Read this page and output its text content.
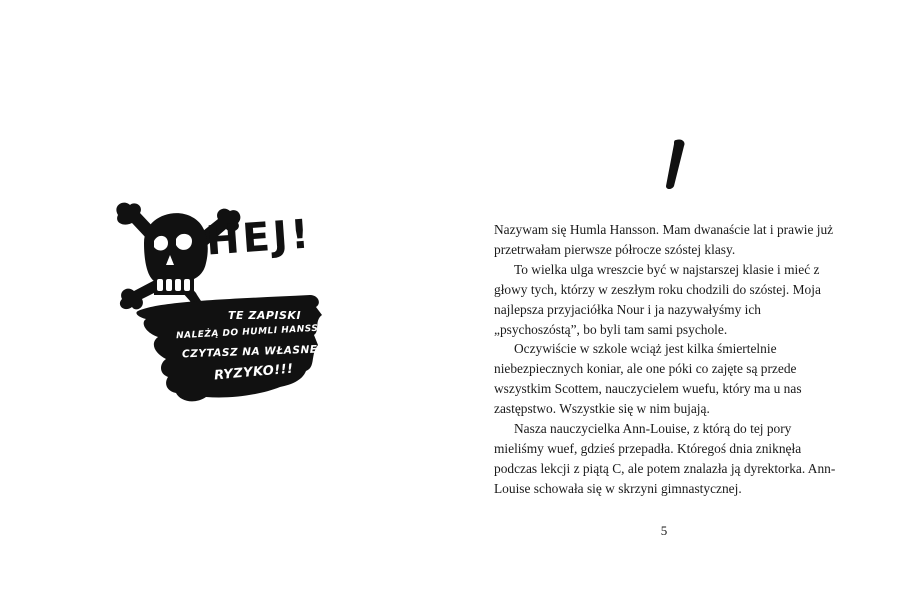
HEJ!
TE ZAPISKI
NALEŻĄ DO HUMLI HANSSON.
CZYTASZ NA WŁASNE
RYZYKO!!!

Nazywam się Humla Hansson. Mam dwanaście lat i prawie już przetrwałam pierwsze półrocze szóstej klasy.

To wielka ulga wreszcie być w najstarszej klasie i mieć z głowy tych, którzy w zeszłym roku chodzili do szóstej. Moja najlepsza przyjaciółka Nour i ja nazywałyśmy ich „psychoszóstą”, bo byli tam sami psychole.

Oczywiście w szkole wciąż jest kilka śmiertelnie niebezpiecznych koniar, ale one póki co zajęte są przede wszystkim Scottem, nauczycielem wuefu, który ma u nas zastępstwo. Wszystkie się w nim bujają.

Nasza nauczycielka Ann-Louise, z którą do tej pory mieliśmy wuef, gdzieś przepadła. Któregoś dnia zniknęła podczas lekcji z piątą C, ale potem znalazła ją dyrektorka. Ann-Louise schowała się w skrzyni gimnastycznej.

5
